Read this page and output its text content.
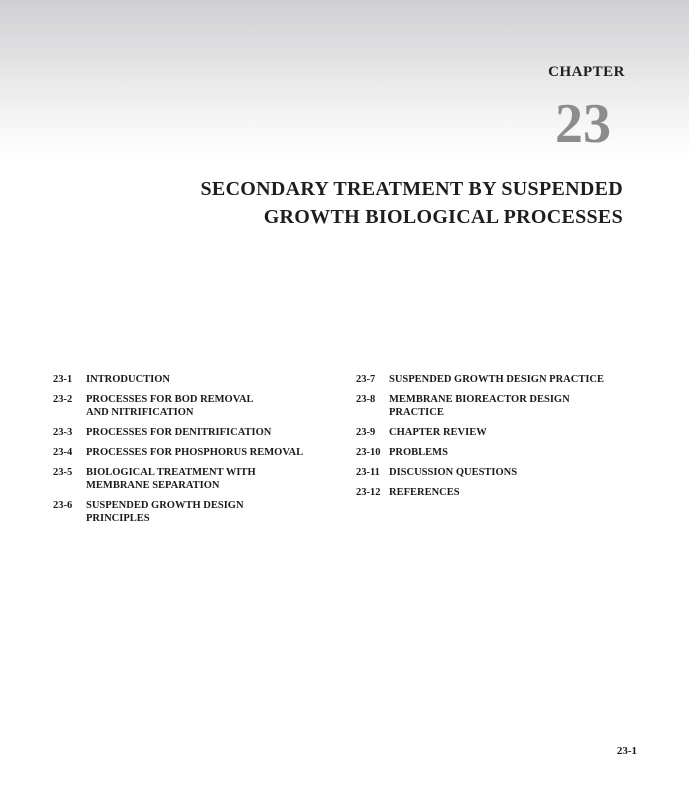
CHAPTER
23
SECONDARY TREATMENT BY SUSPENDED
GROWTH BIOLOGICAL PROCESSES
23-1	INTRODUCTION
23-2	PROCESSES FOR BOD REMOVAL
AND NITRIFICATION
23-3	PROCESSES FOR DENITRIFICATION
23-4	PROCESSES FOR PHOSPHORUS REMOVAL
23-5	BIOLOGICAL TREATMENT WITH
MEMBRANE SEPARATION
23-6	SUSPENDED GROWTH DESIGN
PRINCIPLES
23-7	SUSPENDED GROWTH DESIGN PRACTICE
23-8	MEMBRANE BIOREACTOR DESIGN
PRACTICE
23-9	CHAPTER REVIEW
23-10 PROBLEMS
23-11 DISCUSSION QUESTIONS
23-12 REFERENCES
23-1
